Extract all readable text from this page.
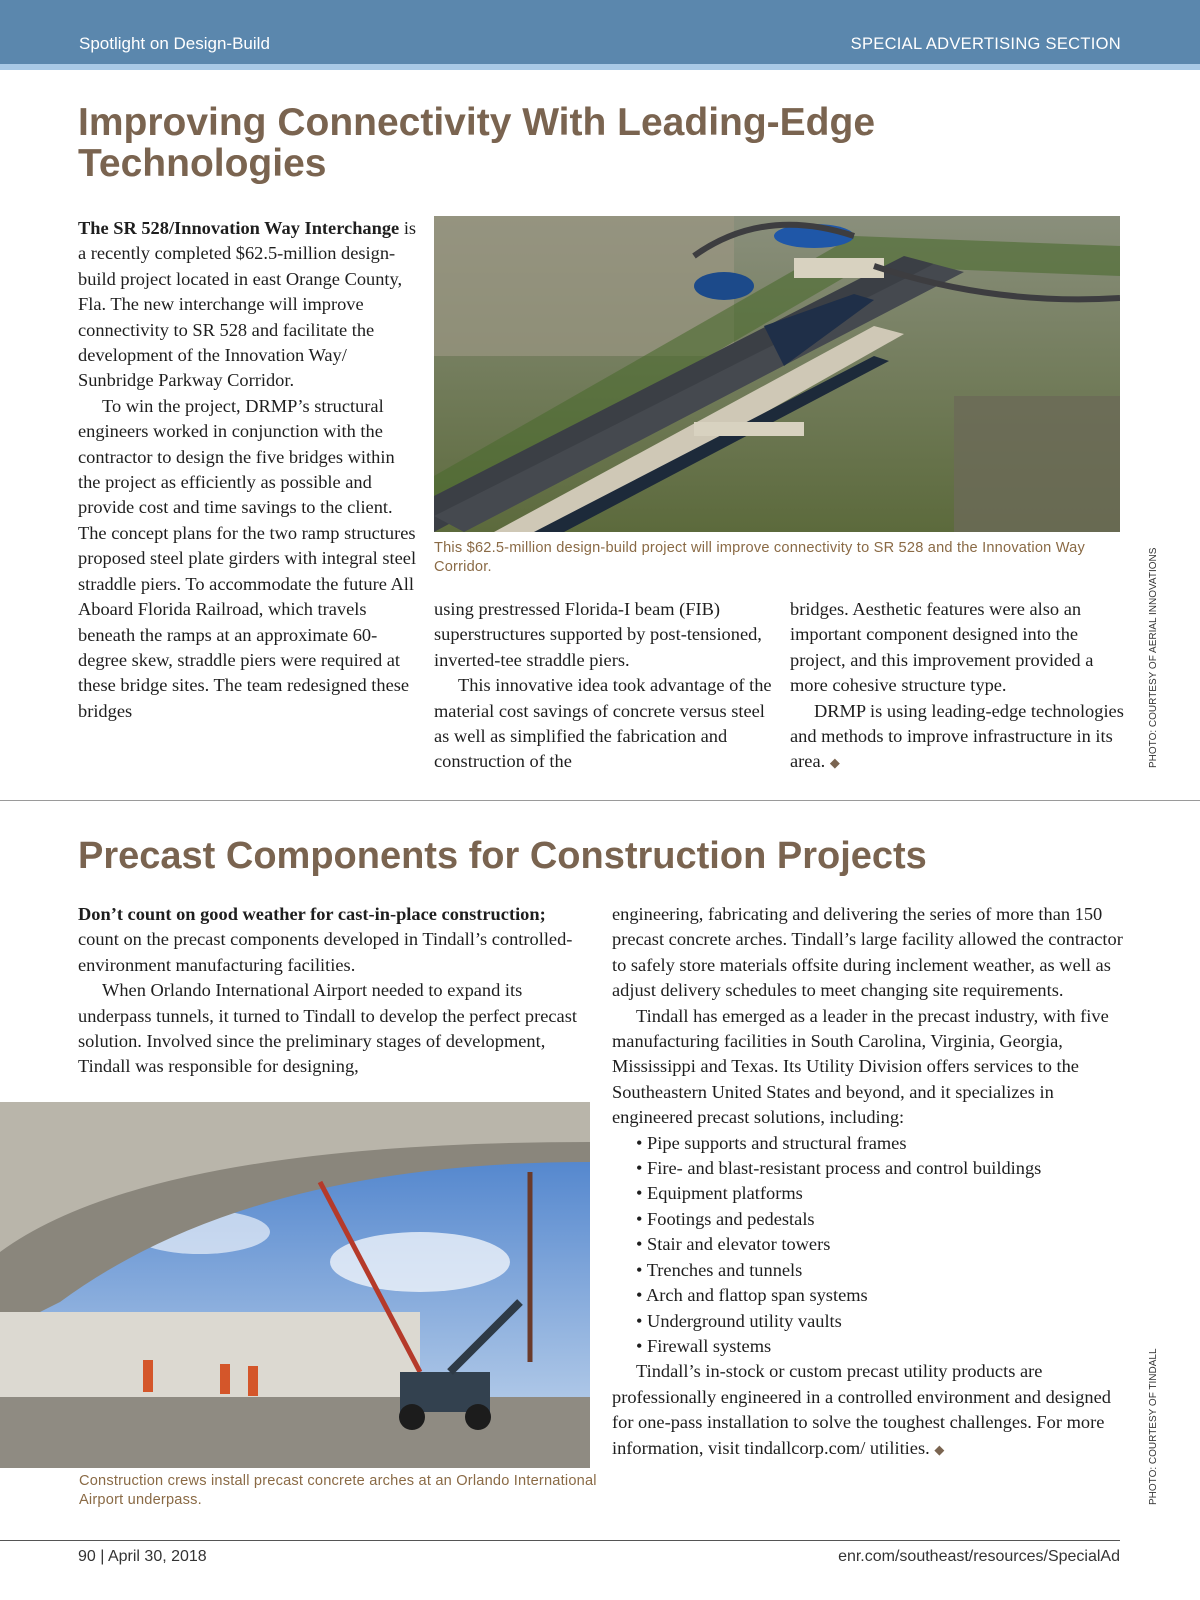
Spotlight on Design-Build	SPECIAL ADVERTISING SECTION
Improving Connectivity With Leading-Edge Technologies

The SR 528/Innovation Way Interchange is a recently completed $62.5-million design-build project located in east Orange County, Fla. The new interchange will improve connectivity to SR 528 and facilitate the development of the Innovation Way/ Sunbridge Parkway Corridor.

To win the project, DRMP’s structural engineers worked in conjunction with the contractor to design the five bridges within the project as efficiently as possible and provide cost and time savings to the client. The concept plans for the two ramp structures proposed steel plate girders with integral steel straddle piers. To accommodate the future All Aboard Florida Railroad, which travels beneath the ramps at an approximate 60-degree skew, straddle piers were required at these bridge sites. The team redesigned these bridges

This $62.5-million design-build project will improve connectivity to SR 528 and the Innovation Way Corridor.

using prestressed Florida-I beam (FIB) superstructures supported by post-tensioned, inverted-tee straddle piers.

This innovative idea took advantage of the material cost savings of concrete versus steel as well as simplified the fabrication and construction of the

bridges. Aesthetic features were also an important component designed into the project, and this improvement provided a more cohesive structure type.

DRMP is using leading-edge technologies and methods to improve infrastructure in its area. ◆	PHOTO: COURTESY OF AERIAL INNOVATIONS
Precast Components for Construction Projects

Don’t count on good weather for cast-in-place construction; count on the precast components developed in Tindall’s controlled-environment manufacturing facilities.

When Orlando International Airport needed to expand its underpass tunnels, it turned to Tindall to develop the perfect precast solution. Involved since the preliminary stages of development, Tindall was responsible for designing,

Construction crews install precast concrete arches at an Orlando International Airport underpass.

engineering, fabricating and delivering the series of more than 150 precast concrete arches. Tindall’s large facility allowed the contractor to safely store materials offsite during inclement weather, as well as adjust delivery schedules to meet changing site requirements.

Tindall has emerged as a leader in the precast industry, with five manufacturing facilities in South Carolina, Virginia, Georgia, Mississippi and Texas. Its Utility Division offers services to the Southeastern United States and beyond, and it specializes in engineered precast solutions, including:

• Pipe supports and structural frames
• Fire- and blast-resistant process and control buildings
• Equipment platforms
• Footings and pedestals
• Stair and elevator towers
• Trenches and tunnels
• Arch and flattop span systems
• Underground utility vaults
• Firewall systems

Tindall’s in-stock or custom precast utility products are professionally engineered in a controlled environment and designed for one-pass installation to solve the toughest challenges. For more information, visit tindallcorp.com/ utilities. ◆	PHOTO: COURTESY OF TINDALL
90 | April 30, 2018	enr.com/southeast/resources/SpecialAd
